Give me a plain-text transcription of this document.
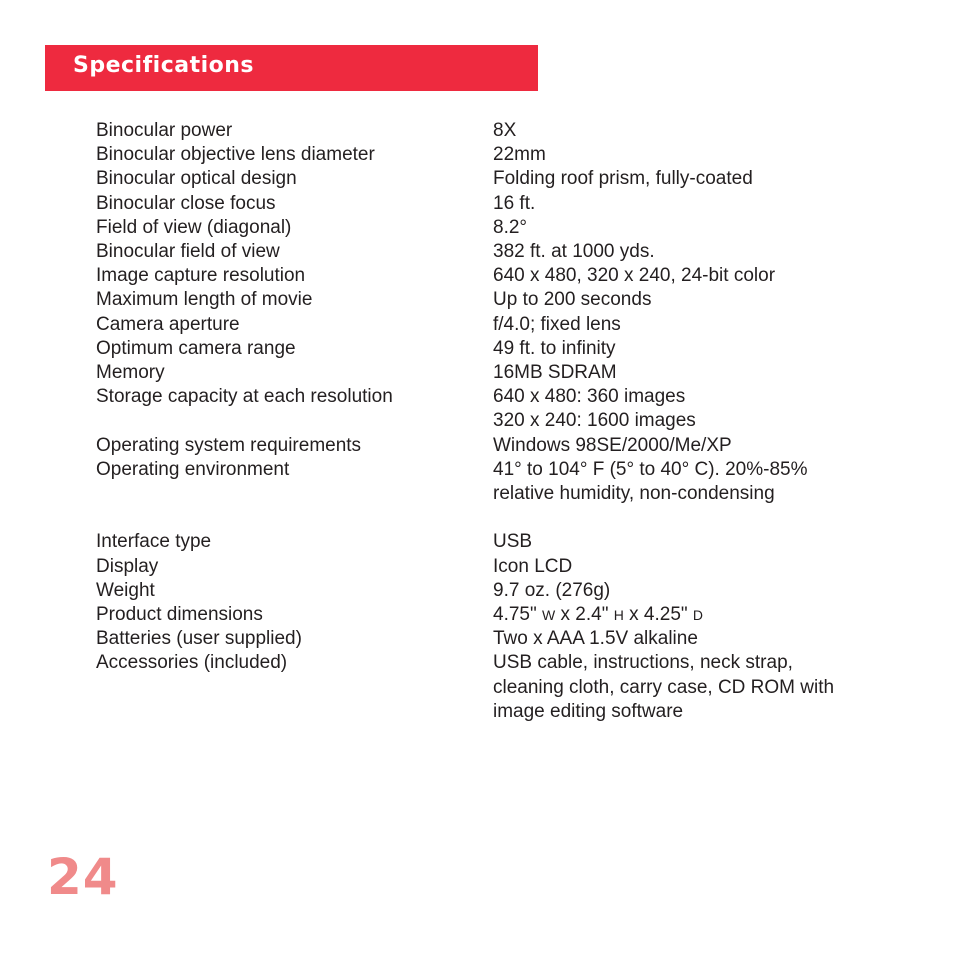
Specifications
Binocular power	8X
Binocular objective lens diameter	22mm
Binocular optical design	Folding roof prism, fully-coated
Binocular close focus	16 ft.
Field of view (diagonal)	8.2°
Binocular field of view	382 ft. at 1000 yds.
Image capture resolution	640 x 480, 320 x 240, 24-bit color
Maximum length of movie	Up to 200 seconds
Camera aperture	f/4.0; fixed lens
Optimum camera range	49 ft. to infinity
Memory	16MB SDRAM
Storage capacity at each resolution	640 x 480: 360 images
320 x 240: 1600 images
Operating system requirements	Windows 98SE/2000/Me/XP
Operating environment	41° to 104° F (5° to 40° C). 20%-85%
relative humidity, non-condensing
Interface type	USB
Display	Icon LCD
Weight	9.7 oz. (276g)
Product dimensions	4.75" W x 2.4" H x 4.25" D
Batteries (user supplied)	Two x AAA 1.5V alkaline
Accessories (included)	USB cable, instructions, neck strap,
cleaning cloth, carry case, CD ROM with
image editing software
24
